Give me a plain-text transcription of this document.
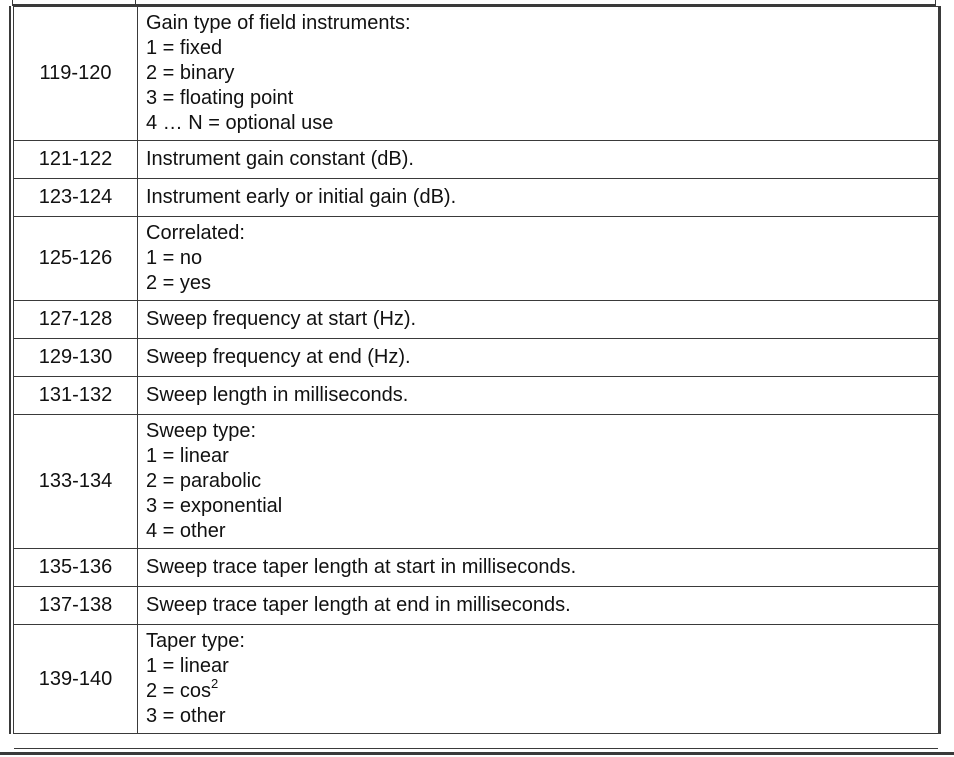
119-120	Gain type of field instruments:
1 = fixed
2 = binary
3 = floating point
4 … N = optional use

121-122	Instrument gain constant (dB).

123-124	Instrument early or initial gain (dB).

125-126	Correlated:
1 = no
2 = yes

127-128	Sweep frequency at start (Hz).

129-130	Sweep frequency at end (Hz).

131-132	Sweep length in milliseconds.

133-134	Sweep type:
1 = linear
2 = parabolic
3 = exponential
4 = other

135-136	Sweep trace taper length at start in milliseconds.

137-138	Sweep trace taper length at end in milliseconds.

139-140	Taper type:
1 = linear
$2 = \cos^2$
3 = other
